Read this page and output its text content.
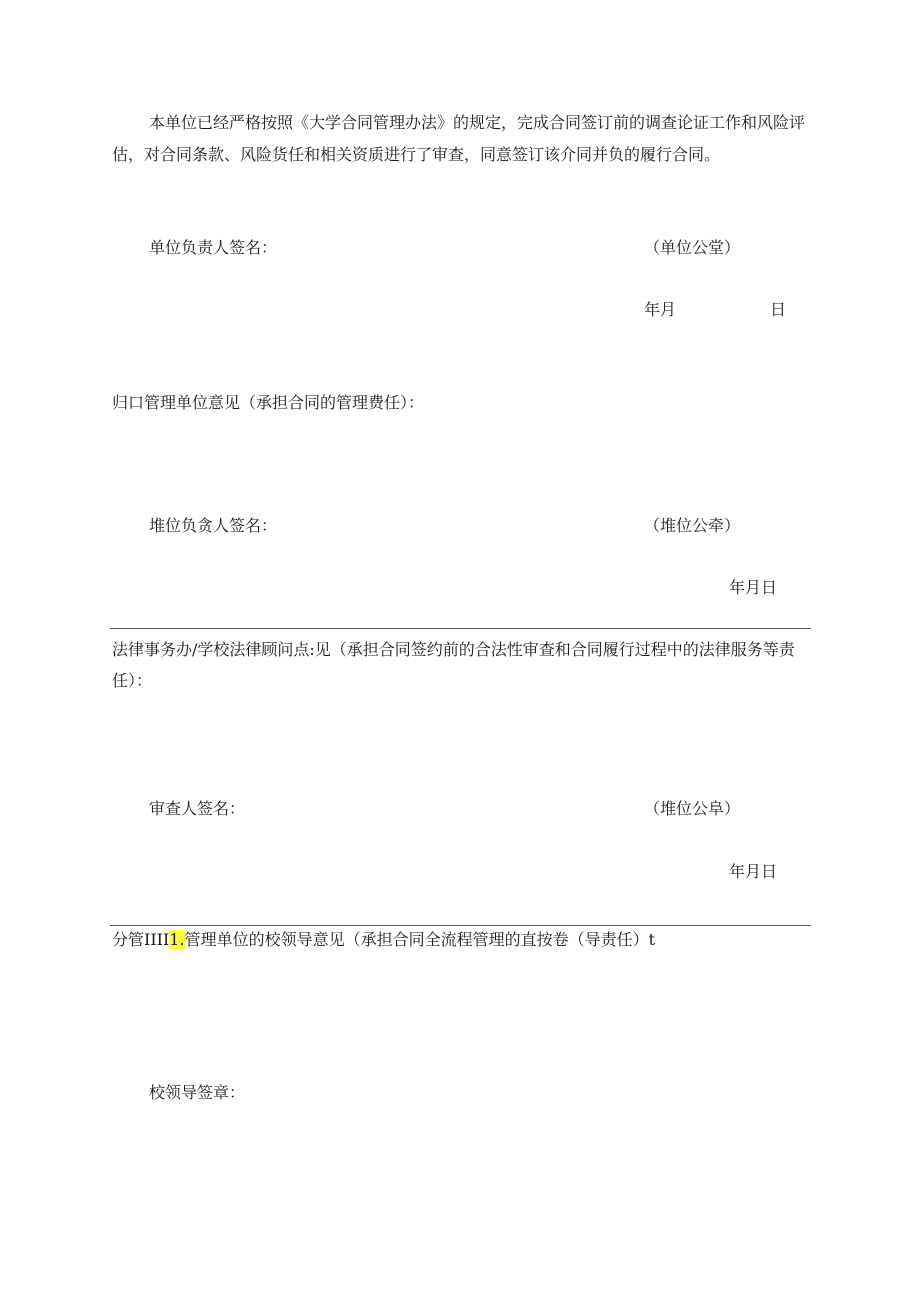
本单位已经严格按照《大学合同管理办法》的规定，完成合同签订前的调查论证工作和风险评估，对合同条款、风险货任和相关资质进行了审查，同意签订该介同并负的履行合同。
单位负责人签名：	（单位公堂）
年月	日
归口管理单位意见（承担合同的管理费任）：
堆位负贪人签名：	（堆位公牵）
年月日
法律事务办/学校法律顾问点:见（承担合同签约前的合法性审查和合同履行过程中的法律服务等责任）：
审查人签名：	（堆位公阜）
年月日
分管IIII1.管理单位的校领导意见（承担合同全流程管理的直按卷（导责任）t
校领导签章：
